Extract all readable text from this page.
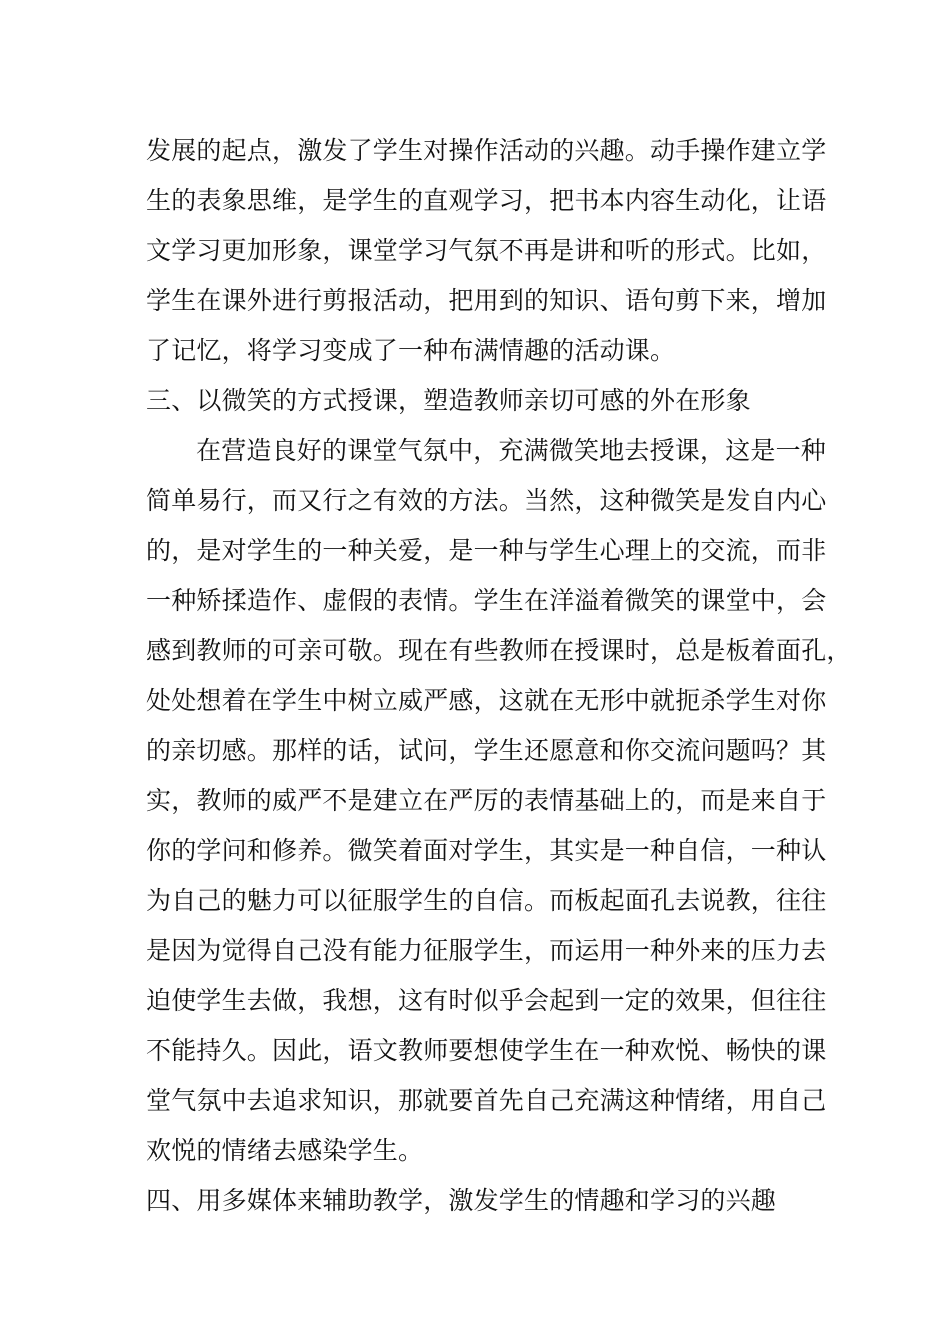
发展的起点，激发了学生对操作活动的兴趣。动手操作建立学
生的表象思维，是学生的直观学习，把书本内容生动化，让语
文学习更加形象，课堂学习气氛不再是讲和听的形式。比如，
学生在课外进行剪报活动，把用到的知识、语句剪下来，增加
了记忆，将学习变成了一种布满情趣的活动课。
三、以微笑的方式授课，塑造教师亲切可感的外在形象
在营造良好的课堂气氛中，充满微笑地去授课，这是一种
简单易行，而又行之有效的方法。当然，这种微笑是发自内心
的，是对学生的一种关爱，是一种与学生心理上的交流，而非
一种矫揉造作、虚假的表情。学生在洋溢着微笑的课堂中，会
感到教师的可亲可敬。现在有些教师在授课时，总是板着面孔，
处处想着在学生中树立威严感，这就在无形中就扼杀学生对你
的亲切感。那样的话，试问，学生还愿意和你交流问题吗？其
实，教师的威严不是建立在严厉的表情基础上的，而是来自于
你的学问和修养。微笑着面对学生，其实是一种自信，一种认
为自己的魅力可以征服学生的自信。而板起面孔去说教，往往
是因为觉得自己没有能力征服学生，而运用一种外来的压力去
迫使学生去做，我想，这有时似乎会起到一定的效果，但往往
不能持久。因此，语文教师要想使学生在一种欢悦、畅快的课
堂气氛中去追求知识，那就要首先自己充满这种情绪，用自己
欢悦的情绪去感染学生。
四、用多媒体来辅助教学，激发学生的情趣和学习的兴趣
